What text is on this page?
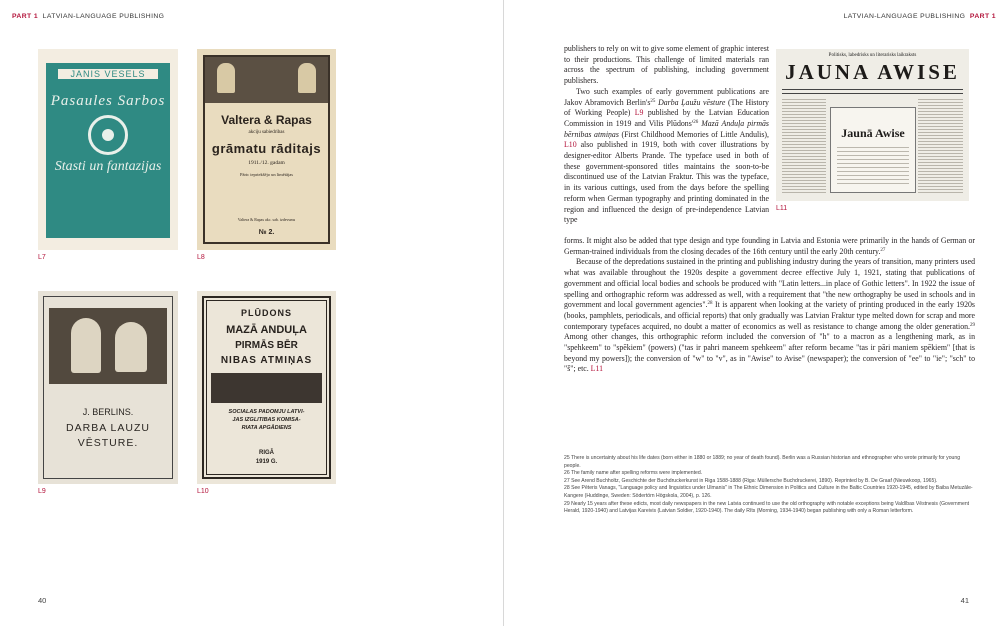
PART 1 LATVIAN-LANGUAGE PUBLISHING
JANIS VESELS
Pasaules Sarbos
Stasti un fantazijas
L7
Valtera & Rapas
akciju sabiedribas
grāmatu rāditajs
1911./12. gadam
Pārtc iepriekšējo un limētājas
Valtera & Rapas akc. sab. izdevums
№ 2.
L8
J. BERLINS.
DARBA LAUZU
VĒSTURE.
L9
PLŪDONS
MAZĀ ANDUĻA
PIRMĀS BĒR
NIBAS ATMIŅAS
SOCIALAS PADOMJU LATVI-
JAS IZGLITIBAS KOMISA-
RIATA APGĀDIENS
RIGĀ
1919 G.
L10
40
LATVIAN-LANGUAGE PUBLISHING PART 1

publishers to rely on wit to give some element of graphic interest to their productions. This challenge of limited materials ran across the spectrum of publishing, including government publishers.

Two such examples of early government publications are Jakov Abramovich Berlin's$^{25}$ Darba Ļaužu vēsture (The History of Working People) L9 published by the Latvian Education Commission in 1919 and Vilis Plūdons'$^{26}$ Mazā Anduļa pirmās bērnibas atmiņas (First Childhood Memories of Little Andulis), L10 also published in 1919, both with cover illustrations by designer-editor Alberts Prande. The typeface used in both of these government-sponsored titles maintains the soon-to-be discontinued use of the Latvian Fraktur. This was the typeface, in its various cuttings, used from the days before the spelling reform when German typography and printing dominated in the region and influenced the design of pre-independence Latvian type

Politisks, labedrisks un literarisks laikraksts
JAUNA AWISE
Jaunā Awise
L11

forms. It might also be added that type design and type founding in Latvia and Estonia were primarily in the hands of German or German-trained individuals from the closing decades of the 16th century until the early 20th century.$^{27}$

Because of the depredations sustained in the printing and publishing industry during the years of transition, many printers used what was available throughout the 1920s despite a government decree effective July 1, 1921, stating that publications of government and official local bodies and schools be produced with "Latin letters...in place of Gothic letters". In 1922 the issue of spelling and orthographic reform was addressed as well, with a requirement that "the new orthography be used in schools and in government and local government agencies".$^{28}$ It is apparent when looking at the variety of printing produced in the early 1920s (books, pamphlets, periodicals, and official reports) that only gradually was Latvian Fraktur type melted down for scrap and more contemporary typefaces acquired, no doubt a matter of economics as well as resistance to change among the older generation.$^{29}$ Among other changes, this orthographic reform included the conversion of "h" to a macron as a lengthening mark, as in "spehkeem" to "spēkiem" (powers) ("tas ir pahri maneem spehkeem" after reform became "tas ir pāri maniem spēkiem" [that is beyond my powers]); the conversion of "w" to "v", as in "Awise" to Avise" (newspaper); the conversion of "ee" to "ie"; "sch" to "š"; etc. L11

25 There is uncertainty about his life dates (born either in 1880 or 1889; no year of death found). Berlin was a Russian historian and ethnographer who wrote primarily for young people.

26 The family name after spelling reforms were implemented.

27 See Arend Buchholtz, Geschichte der Buchdruckerkunst in Riga 1588-1888 (Riga: Müllersche Buchdruckerei, 1890). Reprinted by B. De Graaf (Nieuwkoop, 1965).

28 See Pēteris Vanags, "Language policy and linguistics under Ulmanis" in The Ethnic Dimension in Politics and Culture in the Baltic Countries 1920-1945, edited by Baiba Metuzāle-Kangere (Huddinge, Sweden: Södertörn Högskola, 2004), p. 126.

29 Nearly 15 years after these edicts, most daily newspapers in the new Latvia continued to use the old orthography with notable exceptions being Valdības Vēstnesis (Government Herald, 1920-1940) and Latvijas Kareivis (Latvian Soldier, 1920-1940). The daily Rīts (Morning, 1934-1940) began publishing with only a Roman letterform.

41
